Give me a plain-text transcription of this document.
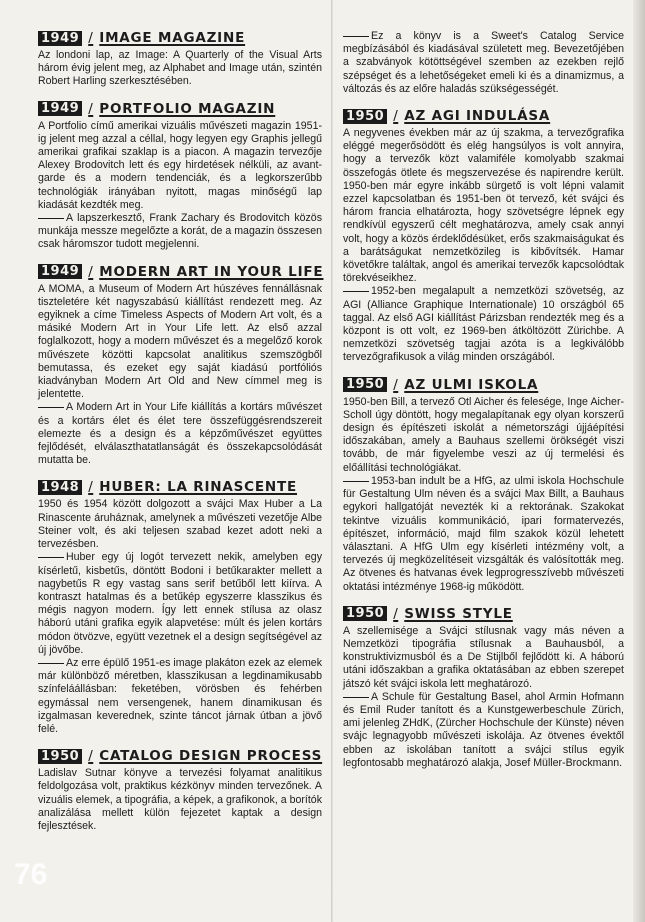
1949 / IMAGE MAGAZINE

Az londoni lap, az Image: A Quarterly of the Visual Arts három évig jelent meg, az Alphabet and Image után, szintén Robert Harling szerkesztésében.

1949 / PORTFOLIO MAGAZIN

A Portfolio című amerikai vizuális művészeti magazin 1951-ig jelent meg azzal a céllal, hogy legyen egy Graphis jellegű amerikai grafikai szaklap is a piacon. A magazin tervezője Alexey Brodovitch lett és egy hirdetések nélküli, az avant-garde és a modern tendenciák, és a legkorszerűbb technológiák irányában nyitott, magas minőségű lap kiadását kezdték meg.

A lapszerkesztő, Frank Zachary és Brodovitch közös munkája messze megelőzte a korát, de a magazin összesen csak háromszor tudott megjelenni.

1949 / MODERN ART IN YOUR LIFE

A MOMA, a Museum of Modern Art húszéves fennállásnak tiszteletére két nagyszabású kiállítást rendezett meg. Az egyiknek a címe Timeless Aspects of Modern Art volt, és a másiké Modern Art in Your Life lett. Az első azzal foglalkozott, hogy a modern művészet és a megelőző korok művészete közötti kapcsolat analitikus szemszögből bemutassa, és ezeket egy saját kiadású portfóliós kiadványban Modern Art Old and New címmel meg is jelentette.

A Modern Art in Your Life kiállítás a kortárs művészet és a kortárs élet és élet tere összefüggésrendszereit elemezte és a design és a képzőművészet együttes fejlődését, elválaszthatatlanságát és összekapcsolódását mutatta be.

1948 / HUBER: LA RINASCENTE

1950 és 1954 között dolgozott a svájci Max Huber a La Rinascente áruháznak, amelynek a művészeti vezetője Albe Steiner volt, és aki teljesen szabad kezet adott neki a tervezésben.

Huber egy új logót tervezett nekik, amelyben egy kísérletű, kisbetűs, döntött Bodoni i betűkarakter mellett a nagybetűs R egy vastag sans serif betűből lett kiírva. A kontraszt hatalmas és a betűkép egyszerre klasszikus és mégis nagyon modern. Így lett ennek stílusa az olasz háború utáni grafika egyik alapvetése: múlt és jelen kortárs módon ötvözve, együtt vezetnek el a design segítségével az új jövőbe.

Az erre épülő 1951-es image plakáton ezek az elemek már különböző méretben, klasszikusan a legdinamikusabb színfeláállásban: feketében, vörösben és fehérben egymással nem versengenek, hanem dinamikusan és izgalmasan keverednek, szinte táncot járnak útban a jövő felé.

1950 / CATALOG DESIGN PROCESS

Ladislav Sutnar könyve a tervezési folyamat analitikus feldolgozása volt, praktikus kézkönyv minden tervezőnek. A vizuális elemek, a tipográfia, a képek, a grafikonok, a borítók analizálása mellett külön fejezetet kaptak a design fejlesztések.

Ez a könyv is a Sweet's Catalog Service megbízásából és kiadásával született meg. Bevezetőjében a szabványok kötöttségével szemben az ezekben rejlő szépséget és a lehetőségeket emeli ki és a dinamizmus, a változás és az előre haladás szükségességét.

1950 / AZ AGI INDULÁSA

A negyvenes években már az új szakma, a tervezőgrafika eléggé megerősödött és elég hangsúlyos is volt annyira, hogy a tervezők közt valamiféle komolyabb szakmai összefogás ötlete és megszervezése és napirendre került. 1950-ben már egyre inkább sürgető is volt lépni valamit ezzel kapcsolatban és 1951-ben öt tervező, két svájci és három francia elhatározta, hogy szövetségre lépnek egy rendkívül egyszerű célt meghatározva, amely csak annyi volt, hogy a közös érdeklődésüket, erős szakmaiságukat és a barátságukat nemzetközileg is kibővítsék. Hamar követőkre találtak, angol és amerikai tervezők kapcsolódtak törekvéseikhez.

1952-ben megalapult a nemzetközi szövetség, az AGI (Alliance Graphique Internationale) 10 országból 65 taggal. Az első AGI kiállítást Párizsban rendezték meg és a központ is ott volt, ez 1969-ben átköltözött Zürichbe. A nemzetközi szövetség tagjai azóta is a legkiválóbb tervezőgrafikusok a világ minden országából.

1950 / AZ ULMI ISKOLA

1950-ben Bill, a tervező Otl Aicher és felesége, Inge Aicher-Scholl úgy döntött, hogy megalapítanak egy olyan korszerű design és építészeti iskolát a németországi újjáépítési időszakában, amely a Bauhaus szellemi örökségét viszi tovább, de már figyelembe veszi az új termelési és előállítási technológiákat.

1953-ban indult be a HfG, az ulmi iskola Hochschule für Gestaltung Ulm néven és a svájci Max Billt, a Bauhaus egykori hallgatóját nevezték ki a rektorának. Szakokat tekintve vizuális kommunikáció, ipari formatervezés, építészet, információ, majd film szakok közül lehetett választani. A HfG Ulm egy kísérleti intézmény volt, a tervezés új megközelítéseit vizsgálták és valósították meg. Az ötvenes és hatvanas évek legprogresszívebb művészeti oktatási intézménye 1968-ig működött.

1950 / SWISS STYLE

A szellemisége a Svájci stílusnak vagy más néven a Nemzetközi tipográfia stílusnak a Bauhausból, a konstruktivizmusból és a De Stijlből fejlődött ki. A háború utáni időszakban a grafika oktatásában az ebben szerepet játszó két svájci iskola lett meghatározó.

A Schule für Gestaltung Basel, ahol Armin Hofmann és Emil Ruder tanított és a Kunstgewerbeschule Zürich, ami jelenleg ZHdK, (Zürcher Hochschule der Künste) néven svájc legnagyobb művészeti iskolája. Az ötvenes évektől ebben az iskolában tanított a svájci stílus egyik legfontosabb meghatározó alakja, Josef Müller-Brockmann.

76
